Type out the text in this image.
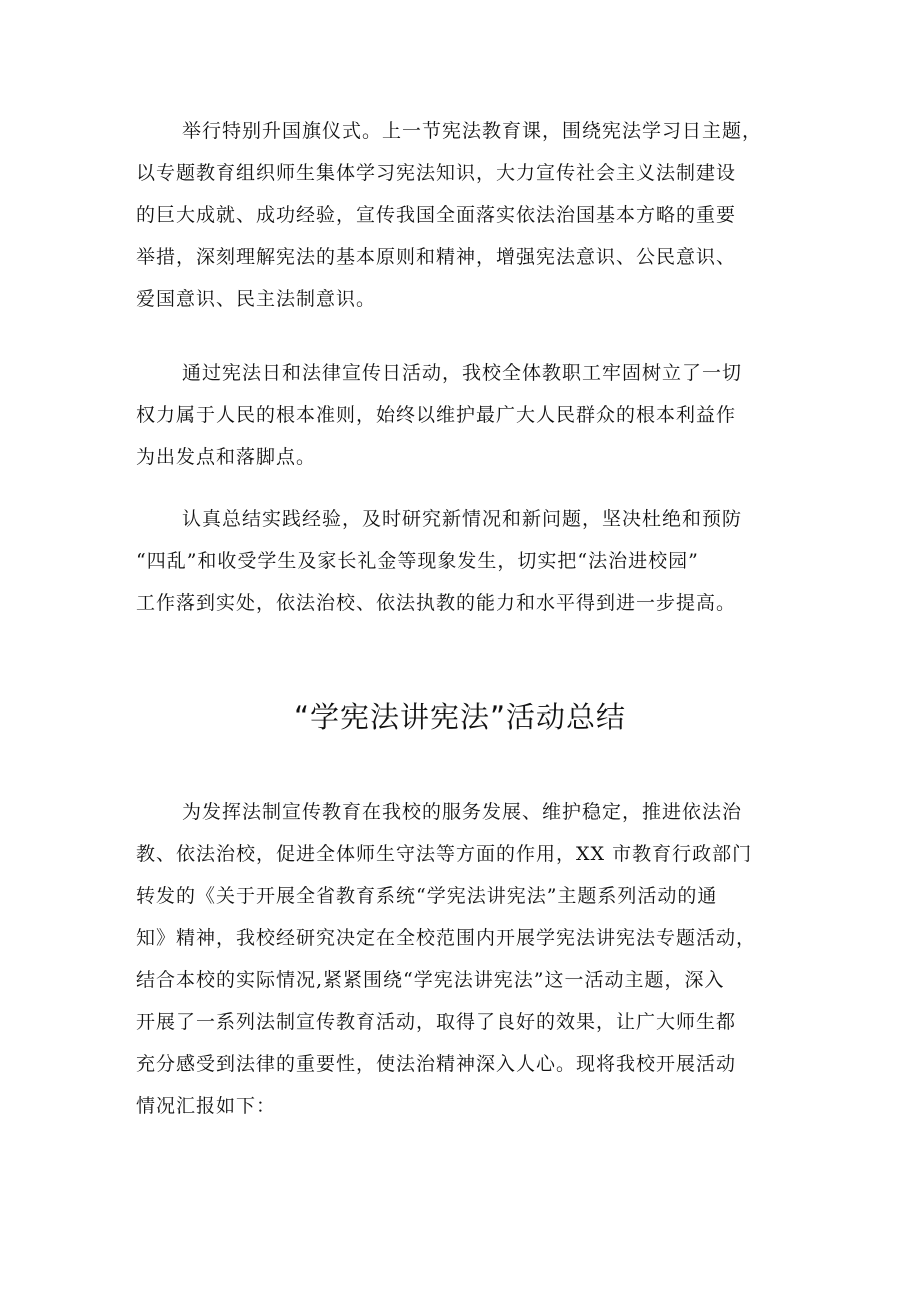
举行特别升国旗仪式。上一节宪法教育课，围绕宪法学习日主题，
以专题教育组织师生集体学习宪法知识，大力宣传社会主义法制建设
的巨大成就、成功经验，宣传我国全面落实依法治国基本方略的重要
举措，深刻理解宪法的基本原则和精神，增强宪法意识、公民意识、
爱国意识、民主法制意识。
通过宪法日和法律宣传日活动，我校全体教职工牢固树立了一切
权力属于人民的根本准则，始终以维护最广大人民群众的根本利益作
为出发点和落脚点。
认真总结实践经验，及时研究新情况和新问题，坚决杜绝和预防
“四乱”和收受学生及家长礼金等现象发生，切实把“法治进校园”
工作落到实处，依法治校、依法执教的能力和水平得到进一步提高。
“学宪法讲宪法”活动总结
为发挥法制宣传教育在我校的服务发展、维护稳定，推进依法治
教、依法治校，促进全体师生守法等方面的作用，XX 市教育行政部门
转发的《关于开展全省教育系统“学宪法讲宪法”主题系列活动的通
知》精神，我校经研究决定在全校范围内开展学宪法讲宪法专题活动，
结合本校的实际情况,紧紧围绕“学宪法讲宪法”这一活动主题，深入
开展了一系列法制宣传教育活动，取得了良好的效果，让广大师生都
充分感受到法律的重要性，使法治精神深入人心。现将我校开展活动
情况汇报如下：
